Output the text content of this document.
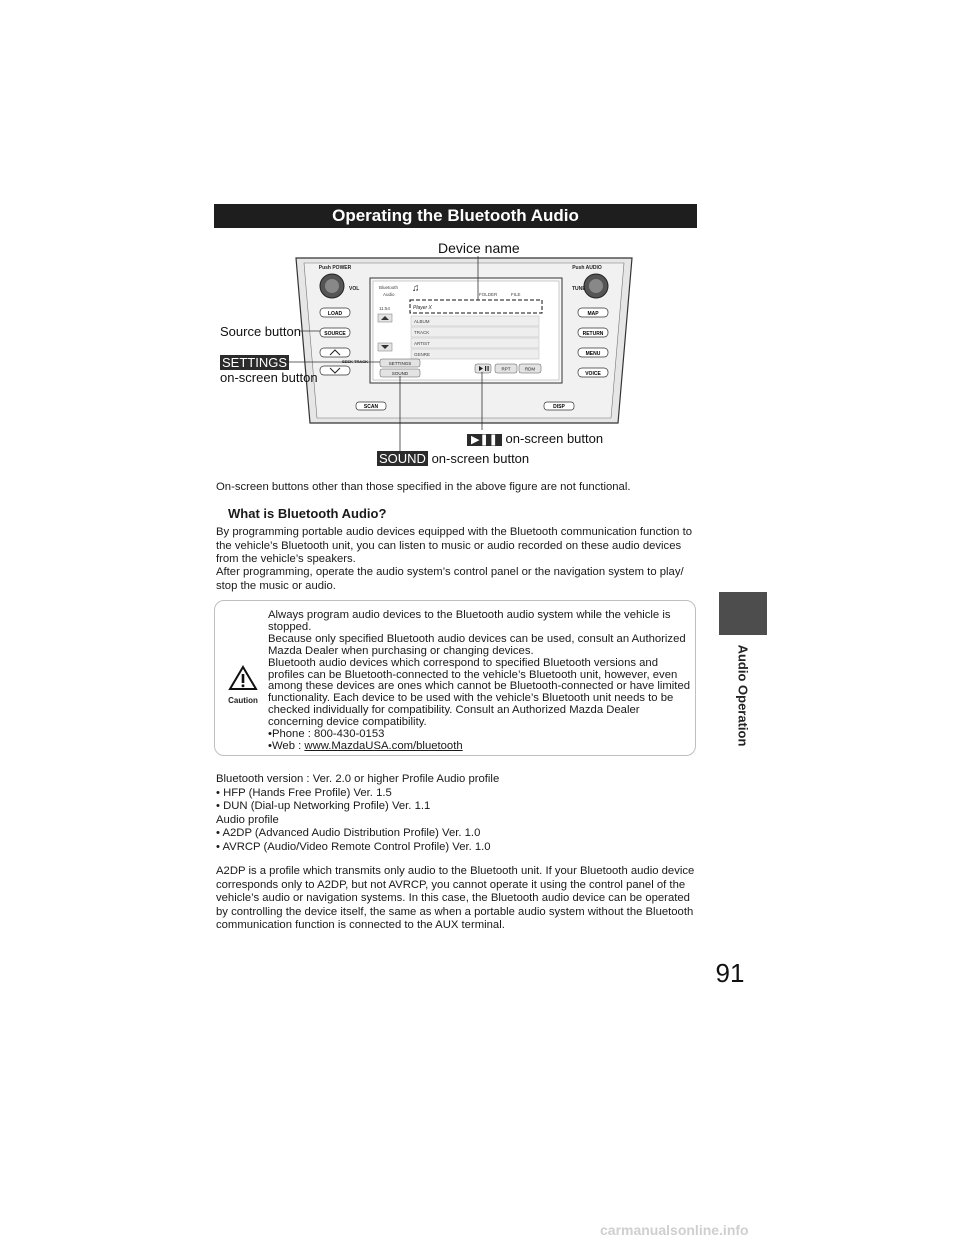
Operating the Bluetooth Audio
Audio Operation
Push POWER
VOL
Push AUDIO
TUNE
LOAD
SOURCE
SEEK TRACK
MAP
RETURN
MENU
VOICE
SCAN	DISP
Bluetooth
Audio
♫
FOLDER	FILE
11:54	Player X
ALBUM
TRACK
ARTIST
GENRE
SETTINGS
SOUND
RPT	RDM
Device name
Source button
SETTINGS
on-screen button
▶❚❚ on-screen button
SOUND on-screen button
On-screen buttons other than those specified in the above figure are not functional.
What is Bluetooth Audio?
By programming portable audio devices equipped with the Bluetooth communication function to the vehicle’s Bluetooth unit, you can listen to music or audio recorded on these audio devices from the vehicle’s speakers.
After programming, operate the audio system’s control panel or the navigation system to play/ stop the music or audio.
Caution
Always program audio devices to the Bluetooth audio system while the vehicle is stopped.
Because only specified Bluetooth audio devices can be used, consult an Authorized Mazda Dealer when purchasing or changing devices.
Bluetooth audio devices which correspond to specified Bluetooth versions and profiles can be Bluetooth-connected to the vehicle’s Bluetooth unit, however, even among these devices are ones which cannot be Bluetooth-connected or have limited functionality. Each device to be used with the vehicle’s Bluetooth unit needs to be checked individually for compatibility. Consult an Authorized Mazda Dealer concerning device compatibility.
•Phone : 800-430-0153
•Web : www.MazdaUSA.com/bluetooth
Bluetooth version : Ver. 2.0 or higher Profile Audio profile
• HFP (Hands Free Profile) Ver. 1.5
• DUN (Dial-up Networking Profile) Ver. 1.1
Audio profile
• A2DP (Advanced Audio Distribution Profile) Ver. 1.0
• AVRCP (Audio/Video Remote Control Profile) Ver. 1.0
A2DP is a profile which transmits only audio to the Bluetooth unit. If your Bluetooth audio device corresponds only to A2DP, but not AVRCP, you cannot operate it using the control panel of the vehicle’s audio or navigation systems. In this case, the Bluetooth audio device can be operated by controlling the device itself, the same as when a portable audio system without the Bluetooth communication function is connected to the AUX terminal.
91
carmanualsonline.info
